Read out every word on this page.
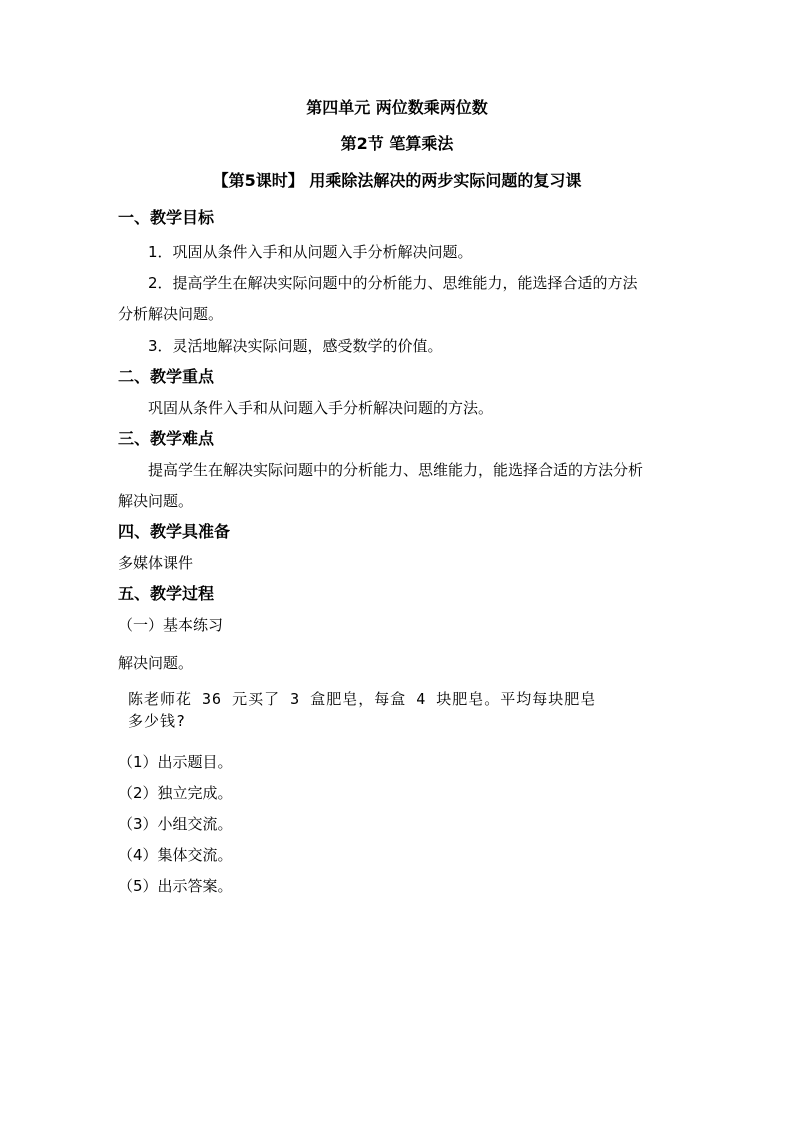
第四单元 两位数乘两位数
第2节 笔算乘法
【第5课时】 用乘除法解决的两步实际问题的复习课
一、教学目标
1．巩固从条件入手和从问题入手分析解决问题。
2．提高学生在解决实际问题中的分析能力、思维能力，能选择合适的方法
分析解决问题。
3．灵活地解决实际问题，感受数学的价值。
二、教学重点
巩固从条件入手和从问题入手分析解决问题的方法。
三、教学难点
提高学生在解决实际问题中的分析能力、思维能力，能选择合适的方法分析
解决问题。
四、教学具准备
多媒体课件
五、教学过程
（一）基本练习
解决问题。
陈老师花 36 元买了 3 盒肥皂，每盒 4 块肥皂。平均每块肥皂
多少钱?
（1）出示题目。
（2）独立完成。
（3）小组交流。
（4）集体交流。
（5）出示答案。
